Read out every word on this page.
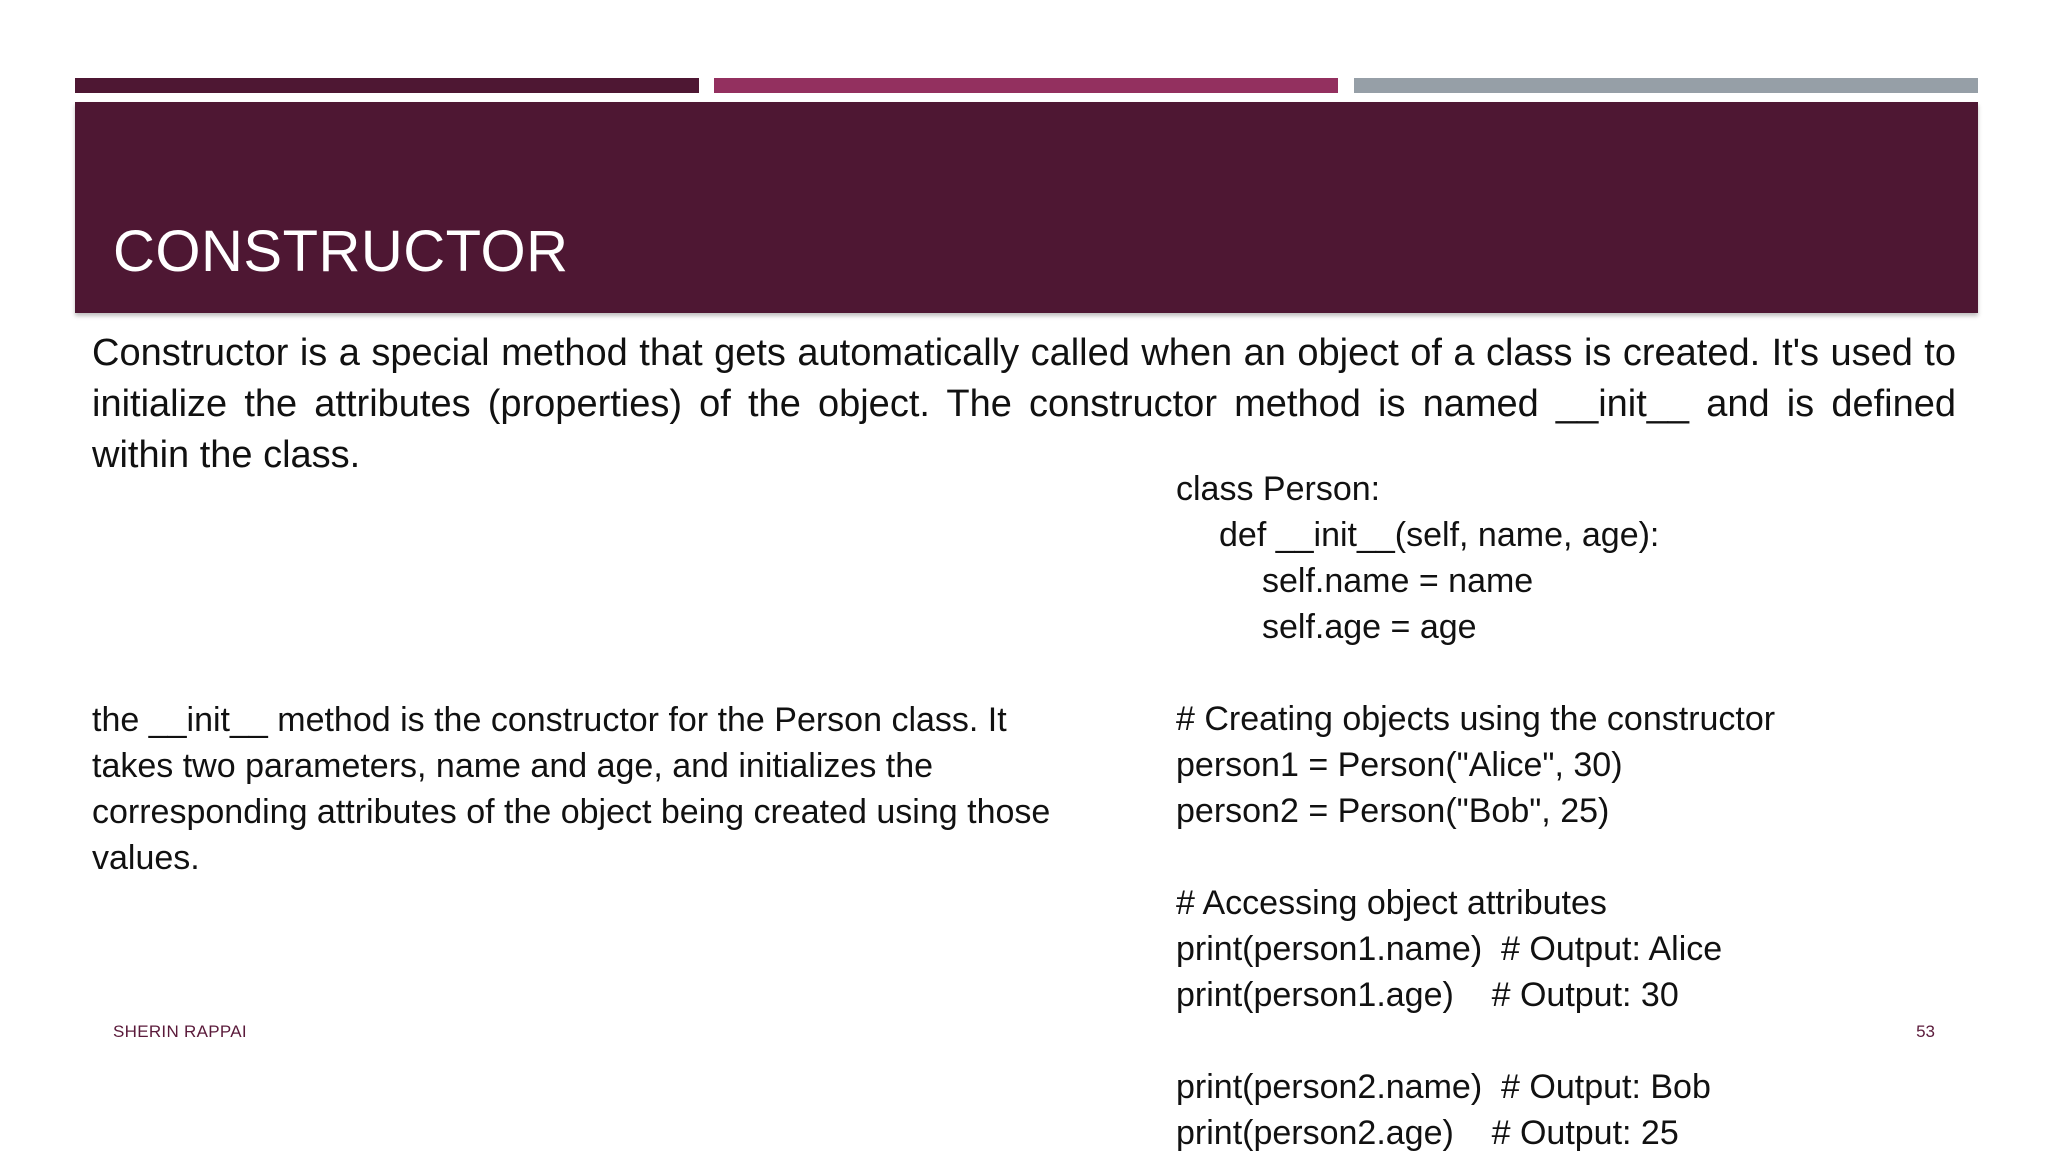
CONSTRUCTOR
Constructor is a special method that gets automatically called when an object of a class is created. It's used to initialize the attributes (properties) of the object. The constructor method is named __init__ and is defined within the class.
the __init__ method is the constructor for the Person class. It takes two parameters, name and age, and initializes the corresponding attributes of the object being created using those values.
class Person:
def __init__(self, name, age):
self.name = name
self.age = age
# Creating objects using the constructor
person1 = Person("Alice", 30)
person2 = Person("Bob", 25)
# Accessing object attributes
print(person1.name)  # Output: Alice
print(person1.age)    # Output: 30
print(person2.name)  # Output: Bob
print(person2.age)    # Output: 25
SHERIN RAPPAI	53
